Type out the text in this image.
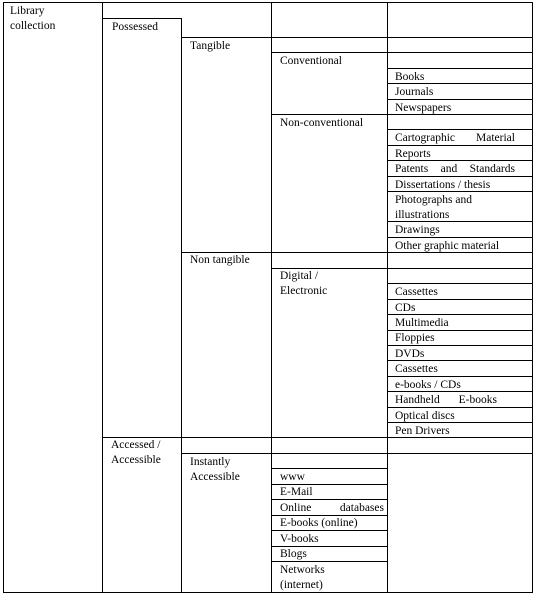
Library collection	Possessed
Accessed / Accessible
Tangible
Non tangible
Instantly Accessible
Conventional
Non-conventional
Digital / Electronic
www
E-Mail
Online databases
E-books (online)
V-books
Blogs
Networks (internet)
Books
Journals
Newspapers
Cartographic Material
Reports
Patents and Standards
Dissertations / thesis
Photographs and illustrations
Drawings
Other graphic material
Cassettes
CDs
Multimedia
Floppies
DVDs
Cassettes
e-books / CDs
Handheld E-books
Optical discs
Pen Drivers
